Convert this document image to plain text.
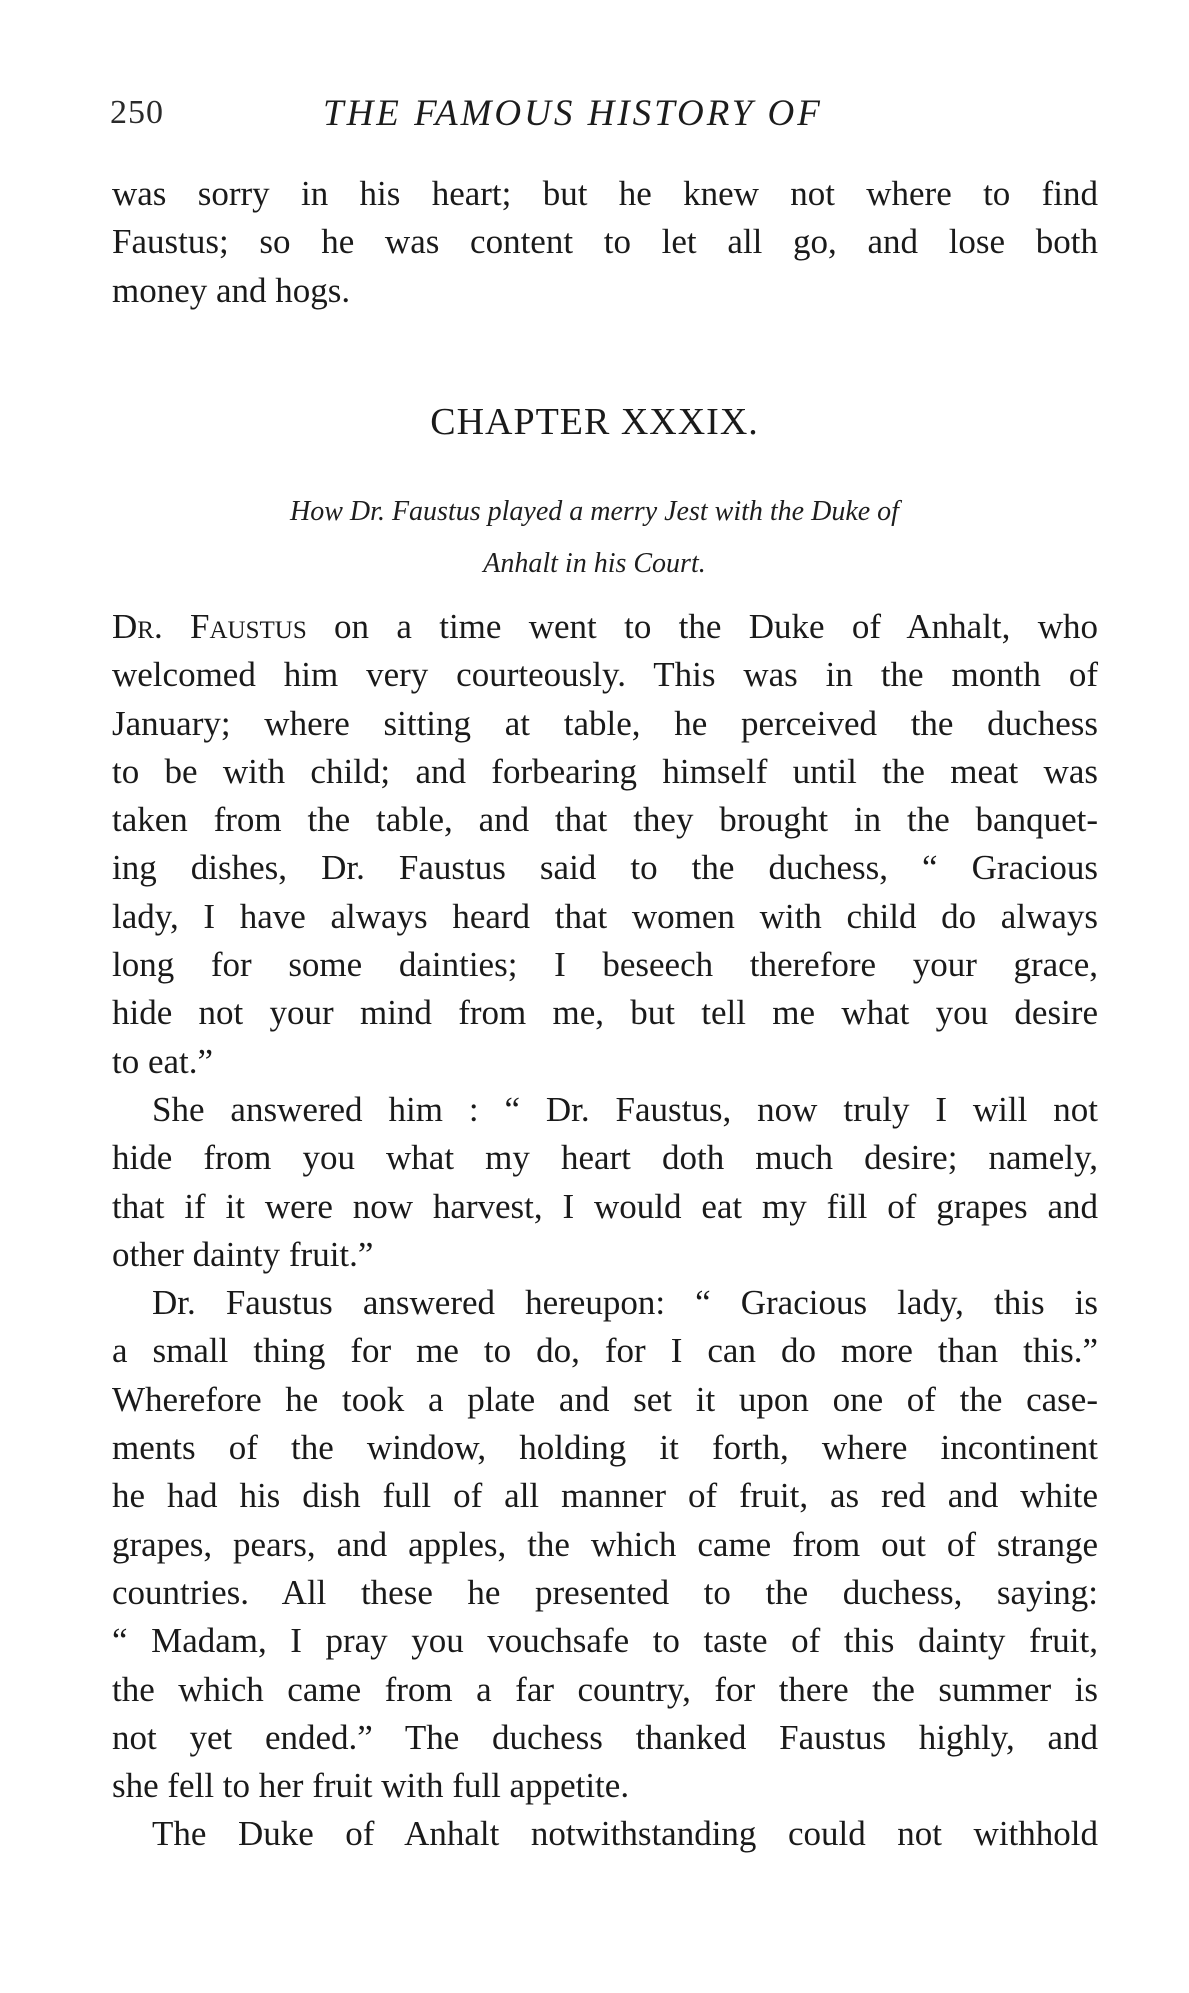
250	THE FAMOUS HISTORY OF
was sorry in his heart; but he knew not where to find
Faustus; so he was content to let all go, and lose both
money and hogs.
CHAPTER XXXIX.
How Dr. Faustus played a merry Jest with the Duke of
Anhalt in his Court.
Dr. Faustus on a time went to the Duke of Anhalt, who
welcomed him very courteously. This was in the month of
January; where sitting at table, he perceived the duchess
to be with child; and forbearing himself until the meat was
taken from the table, and that they brought in the banquet-
ing dishes, Dr. Faustus said to the duchess, “ Gracious
lady, I have always heard that women with child do always
long for some dainties; I beseech therefore your grace,
hide not your mind from me, but tell me what you desire
to eat.”
She answered him : “ Dr. Faustus, now truly I will not
hide from you what my heart doth much desire; namely,
that if it were now harvest, I would eat my fill of grapes and
other dainty fruit.”
Dr. Faustus answered hereupon: “ Gracious lady, this is
a small thing for me to do, for I can do more than this.”
Wherefore he took a plate and set it upon one of the case-
ments of the window, holding it forth, where incontinent
he had his dish full of all manner of fruit, as red and white
grapes, pears, and apples, the which came from out of strange
countries. All these he presented to the duchess, saying:
“ Madam, I pray you vouchsafe to taste of this dainty fruit,
the which came from a far country, for there the summer is
not yet ended.” The duchess thanked Faustus highly, and
she fell to her fruit with full appetite.
The Duke of Anhalt notwithstanding could not withhold
